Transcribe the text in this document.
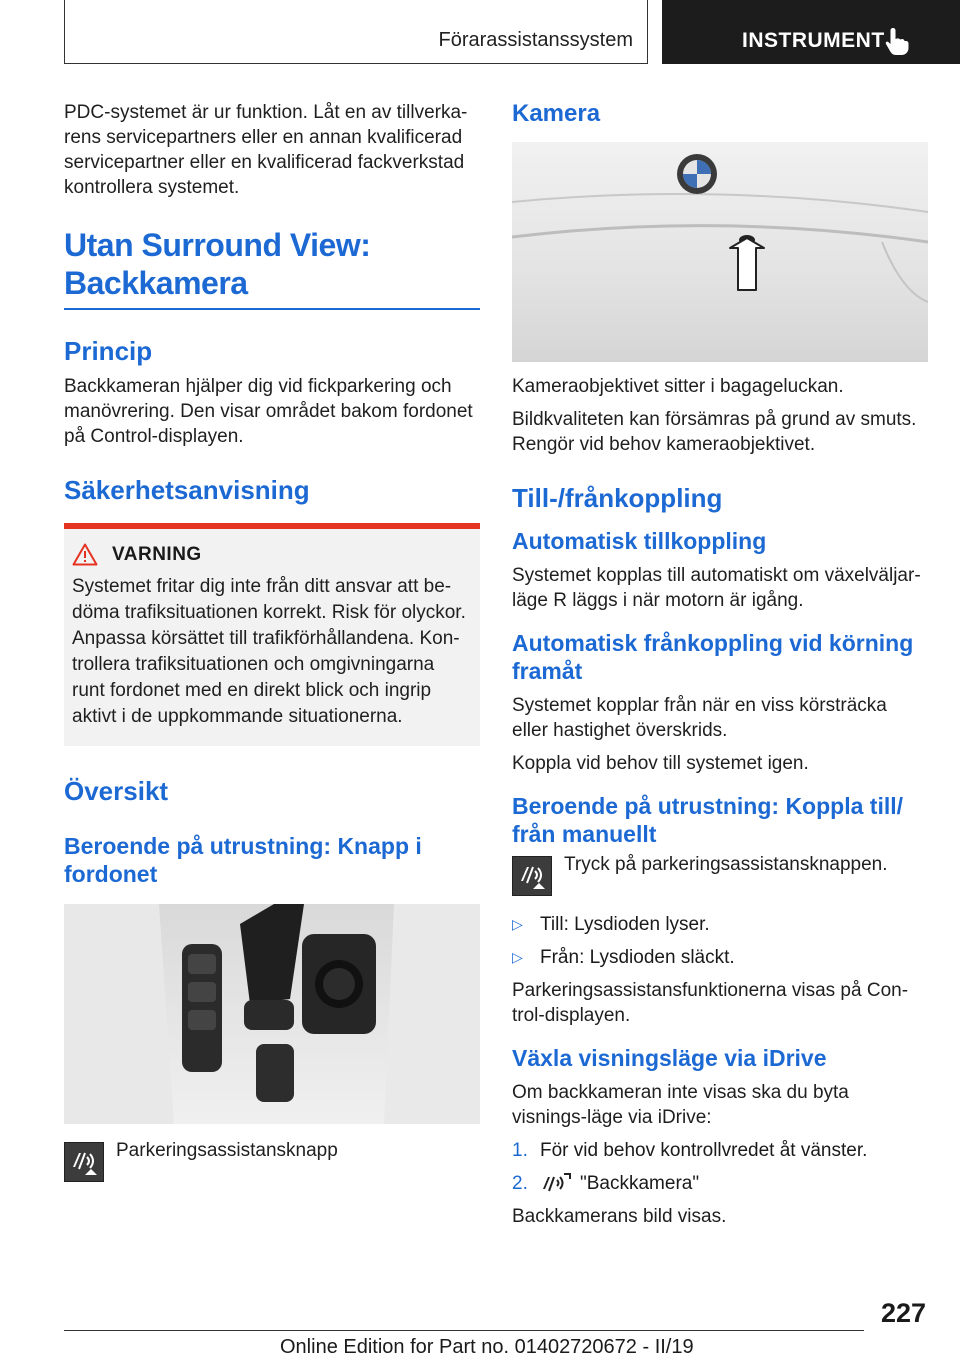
Förarassistanssystem	INSTRUMENT

PDC-systemet är ur funktion. Låt en av tillverka-rens servicepartners eller en annan kvalificerad servicepartner eller en kvalificerad fackverkstad kontrollera systemet.

Utan Surround View:
Backkamera
Princip

Backkameran hjälper dig vid fickparkering och manövrering. Den visar området bakom fordonet på Control-displayen.

Säkerhetsanvisning
VARNING

Systemet fritar dig inte från ditt ansvar att be-döma trafiksituationen korrekt. Risk för olyckor. Anpassa körsättet till trafikförhållandena. Kon-trollera trafiksituationen och omgivningarna runt fordonet med en direkt blick och ingrip aktivt i de uppkommande situationerna.

Översikt
Beroende på utrustning: Knapp i fordonet

Parkeringsassistansknapp

Kamera

Kameraobjektivet sitter i bagageluckan.

Bildkvaliteten kan försämras på grund av smuts. Rengör vid behov kameraobjektivet.

Till-/frånkoppling
Automatisk tillkoppling

Systemet kopplas till automatiskt om växelväljar-läge R läggs i när motorn är igång.

Automatisk frånkoppling vid körning framåt

Systemet kopplar från när en viss körsträcka eller hastighet överskrids.

Koppla vid behov till systemet igen.

Beroende på utrustning: Koppla till/ från manuellt

Tryck på parkeringsassistansknappen.

▷ Till: Lysdioden lyser.
▷ Från: Lysdioden släckt.

Parkeringsassistansfunktionerna visas på Con-trol-displayen.

Växla visningsläge via iDrive

Om backkameran inte visas ska du byta visnings-läge via iDrive:

1. För vid behov kontrollvredet åt vänster.
2.	"Backkamera"

Backkamerans bild visas.

227
Online Edition for Part no. 01402720672 - II/19
